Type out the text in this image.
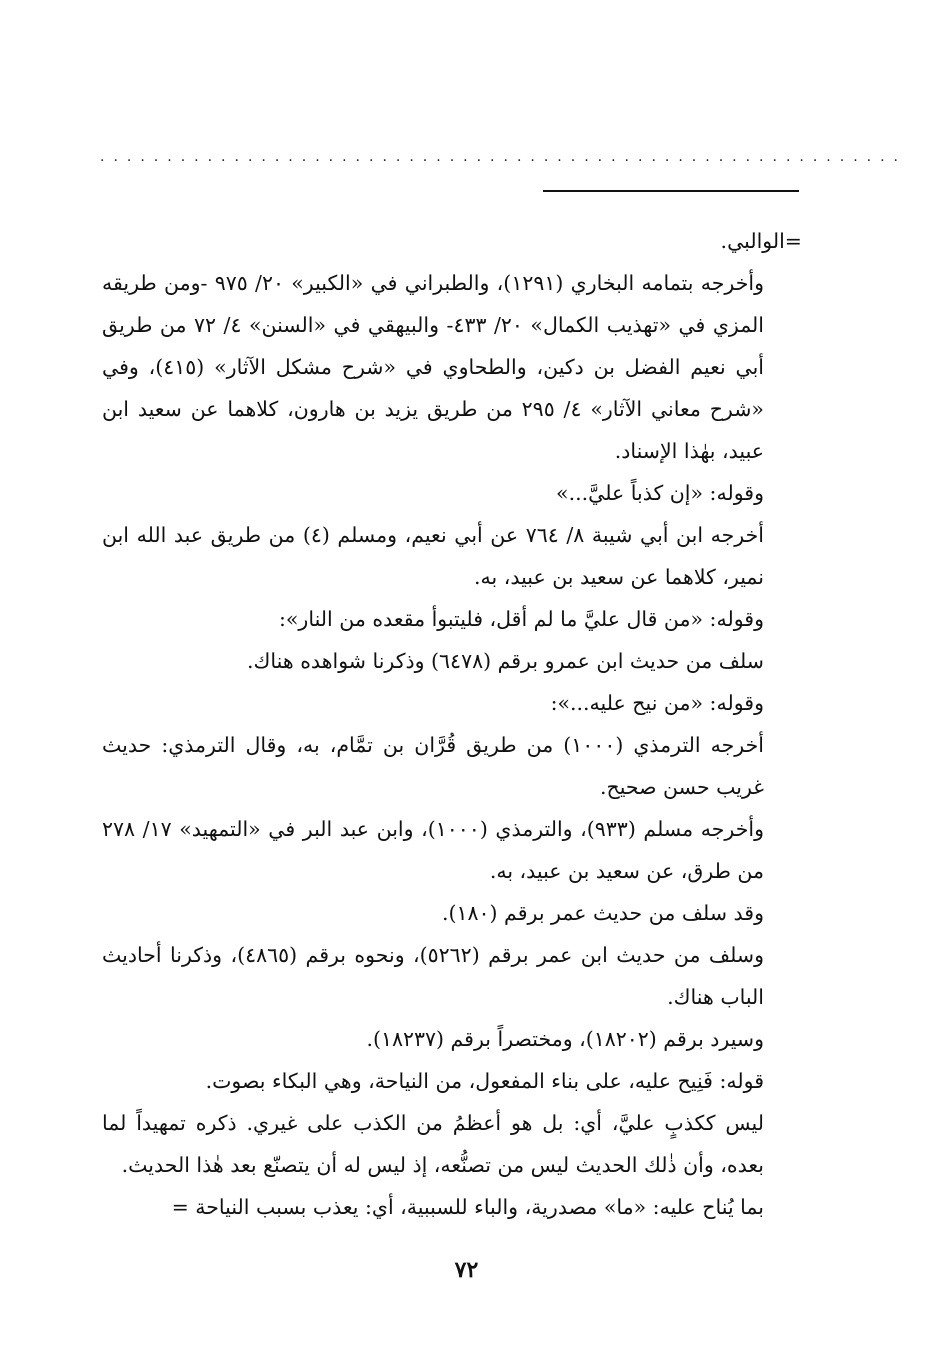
............................................................

=الوالبي.

وأخرجه بتمامه البخاري (١٢٩١)، والطبراني في «الكبير» ٢٠/ ٩٧٥ -ومن طريقه المزي في «تهذيب الكمال» ٢٠/ ٤٣٣- والبيهقي في «السنن» ٤/ ٧٢ من طريق أبي نعيم الفضل بن دكين، والطحاوي في «شرح مشكل الآثار» (٤١٥)، وفي «شرح معاني الآثار» ٤/ ٢٩٥ من طريق يزيد بن هارون، كلاهما عن سعيد ابن عبيد، بهٰذا الإسناد.

وقوله: «إن كذباً عليَّ...»

أخرجه ابن أبي شيبة ٨/ ٧٦٤ عن أبي نعيم، ومسلم (٤) من طريق عبد الله ابن نمير، كلاهما عن سعيد بن عبيد، به.

وقوله: «من قال عليَّ ما لم أقل، فليتبوأ مقعده من النار»:

سلف من حديث ابن عمرو برقم (٦٤٧٨) وذكرنا شواهده هناك.

وقوله: «من نيح عليه...»:

أخرجه الترمذي (١٠٠٠) من طريق قُرَّان بن تمَّام، به، وقال الترمذي: حديث غريب حسن صحيح.

وأخرجه مسلم (٩٣٣)، والترمذي (١٠٠٠)، وابن عبد البر في «التمهيد» ١٧/ ٢٧٨ من طرق، عن سعيد بن عبيد، به.

وقد سلف من حديث عمر برقم (١٨٠).

وسلف من حديث ابن عمر برقم (٥٢٦٢)، ونحوه برقم (٤٨٦٥)، وذكرنا أحاديث الباب هناك.

وسيرد برقم (١٨٢٠٢)، ومختصراً برقم (١٨٢٣٧).

قوله: فَنِيح عليه، على بناء المفعول، من النياحة، وهي البكاء بصوت.

ليس ككذبٍ عليَّ، أي: بل هو أعظمُ من الكذب على غيري. ذكره تمهيداً لما بعده، وأن ذٰلك الحديث ليس من تصنُّعه، إذ ليس له أن يتصنّع بعد هٰذا الحديث.

بما يُناح عليه: «ما» مصدرية، والباء للسببية، أي: يعذب بسبب النياحة =

٧٢
